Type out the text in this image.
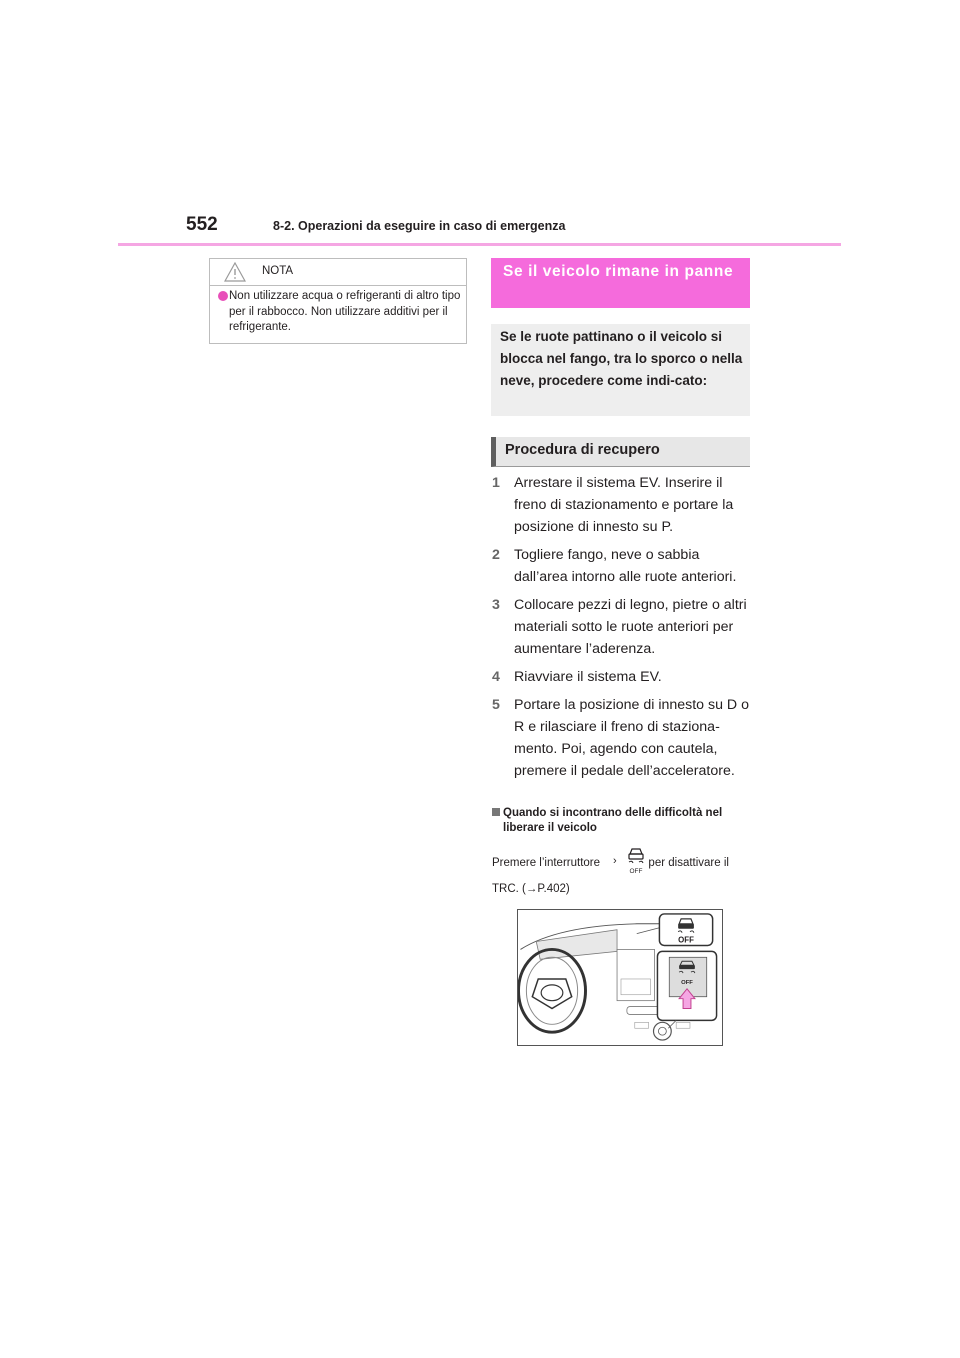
552	8-2. Operazioni da eseguire in caso di emergenza
NOTA
Non utilizzare acqua o refrigeranti di altro tipo per il rabbocco. Non utilizzare additivi per il refrigerante.
Se il veicolo rimane in panne
Se le ruote pattinano o il veicolo si blocca nel fango, tra lo sporco o nella neve, procedere come indi-cato:
Procedura di recupero
1 Arrestare il sistema EV. Inserire il freno di stazionamento e portare la posizione di innesto su P.
2 Togliere fango, neve o sabbia dall’area intorno alle ruote anteriori.
3 Collocare pezzi di legno, pietre o altri materiali sotto le ruote anteriori per aumentare l’aderenza.
4 Riavviare il sistema EV.
5 Portare la posizione di innesto su D o R e rilasciare il freno di staziona-mento. Poi, agendo con cautela, premere il pedale dell’acceleratore.
Quando si incontrano delle difficoltà nel liberare il veicolo
Premere l’interruttore	per disattivare il
›
OFF
TRC. (→P.402)
OFF
OFF
